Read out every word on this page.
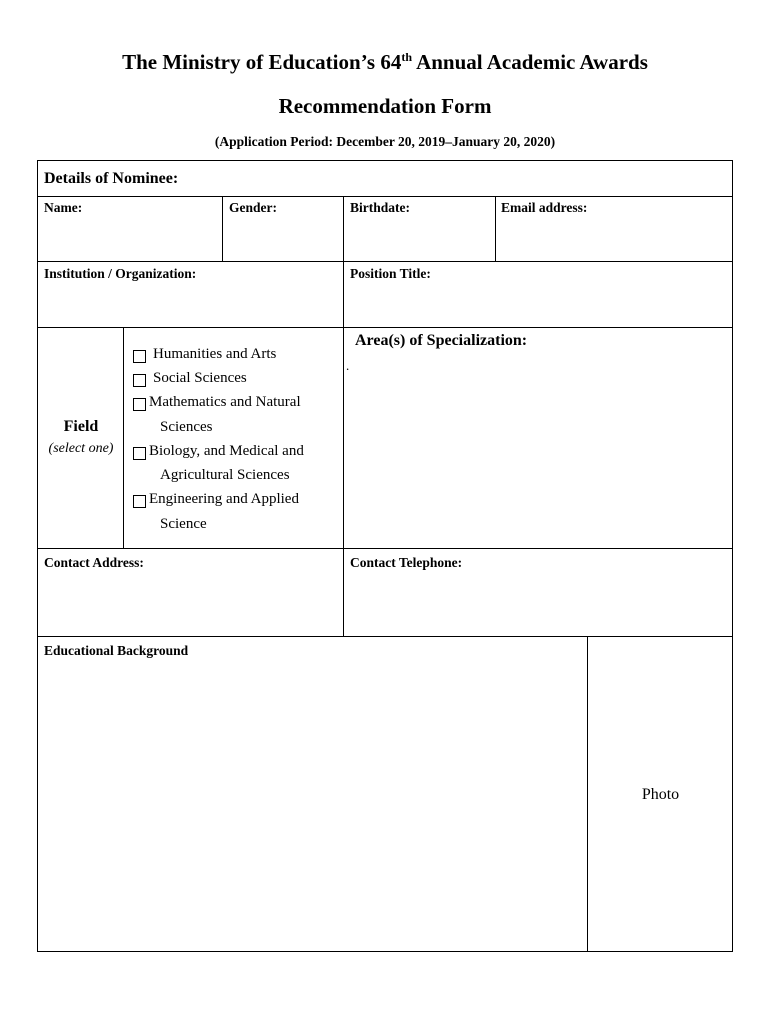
The Ministry of Education’s 64th Annual Academic Awards
Recommendation Form
(Application Period: December 20, 2019–January 20, 2020)
Details of Nominee:
Name:	Gender:	Birthdate:	Email address:
Institution / Organization:	Position Title:
Field
(select one)
Humanities and Arts
Social Sciences
Mathematics and Natural
Sciences
Biology, and Medical and
Agricultural Sciences
Engineering and Applied
Science
Area(s) of Specialization:
.
Contact Address:	Contact Telephone:
Educational Background
Photo
